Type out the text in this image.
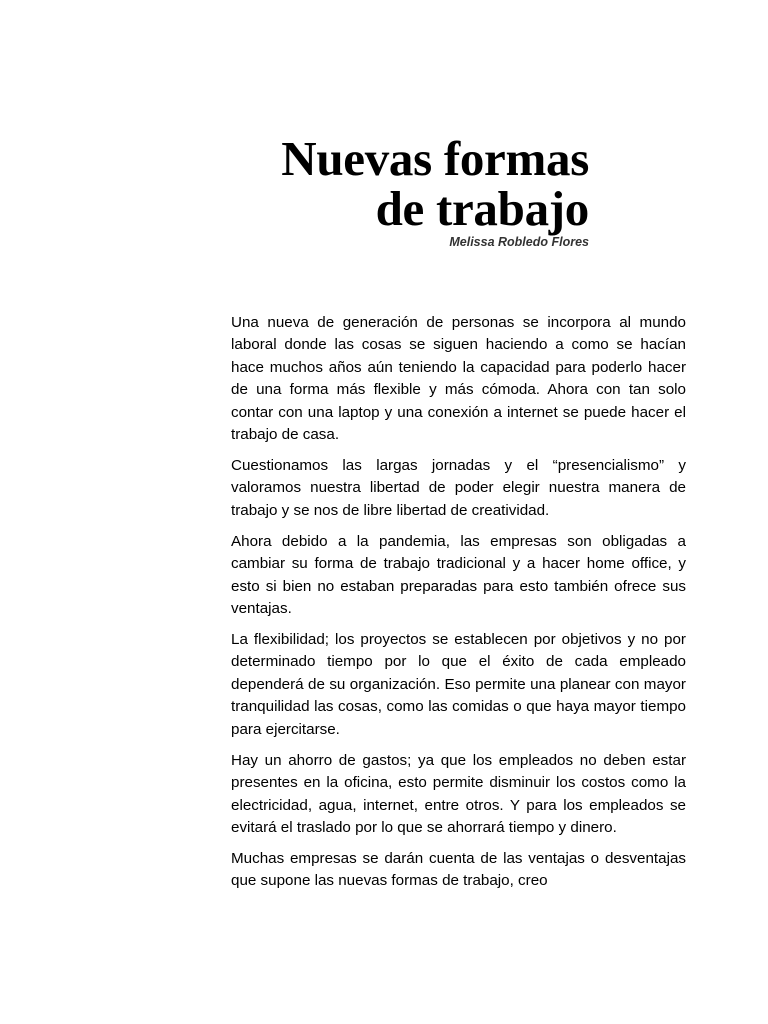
Nuevas formas
de trabajo
Melissa Robledo Flores

Una nueva de generación de personas se incorpora al mundo laboral donde las cosas se siguen haciendo a como se hacían hace muchos años aún teniendo la capacidad para poderlo hacer de una forma más flexible y más cómoda. Ahora con tan solo contar con una laptop y una conexión a internet se puede hacer el trabajo de casa.

Cuestionamos las largas jornadas y el “presencialismo” y valoramos nuestra libertad de poder elegir nuestra manera de trabajo y se nos de libre libertad de creatividad.

Ahora debido a la pandemia, las empresas son obligadas a cambiar su forma de trabajo tradicional y a hacer home office, y esto si bien no estaban preparadas para esto también ofrece sus ventajas.

La flexibilidad; los proyectos se establecen por objetivos y no por determinado tiempo por lo que el éxito de cada empleado dependerá de su organización. Eso permite una planear con mayor tranquilidad las cosas, como las comidas o que haya mayor tiempo para ejercitarse.

Hay un ahorro de gastos; ya que los empleados no deben estar presentes en la oficina, esto permite disminuir los costos como la electricidad, agua, internet, entre otros. Y para los empleados se evitará el traslado por lo que se ahorrará tiempo y dinero.

Muchas empresas se darán cuenta de las ventajas o desventajas que supone las nuevas formas de trabajo, creo
